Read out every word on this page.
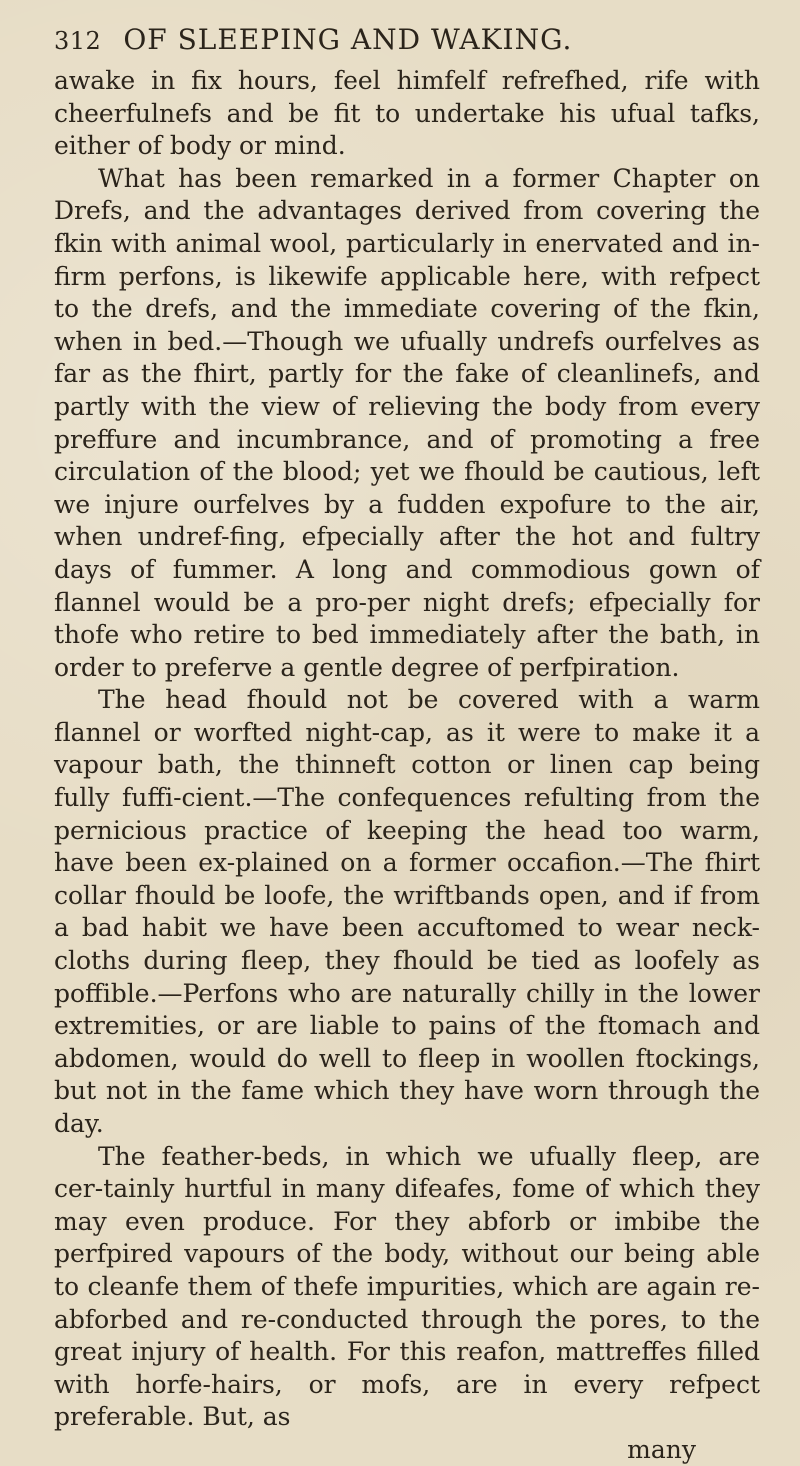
312 OF SLEEPING AND WAKING.

awake in fix hours, feel himfelf refrefhed, rife with cheerfulnefs and be fit to undertake his ufual tafks, either of body or mind.

What has been remarked in a former Chapter on Drefs, and the advantages derived from covering the fkin with animal wool, particularly in enervated and in-firm perfons, is likewife applicable here, with refpect to the drefs, and the immediate covering of the fkin, when in bed.—Though we ufually undrefs ourfelves as far as the fhirt, partly for the fake of cleanlinefs, and partly with the view of relieving the body from every preffure and incumbrance, and of promoting a free circulation of the blood; yet we fhould be cautious, left we injure ourfelves by a fudden expofure to the air, when undref-fing, efpecially after the hot and fultry days of fummer. A long and commodious gown of flannel would be a pro-per night drefs; efpecially for thofe who retire to bed immediately after the bath, in order to preferve a gentle degree of perfpiration.

The head fhould not be covered with a warm flannel or worfted night-cap, as it were to make it a vapour bath, the thinneft cotton or linen cap being fully fuffi-cient.—The confequences refulting from the pernicious practice of keeping the head too warm, have been ex-plained on a former occafion.—The fhirt collar fhould be loofe, the wriftbands open, and if from a bad habit we have been accuftomed to wear neck-cloths during fleep, they fhould be tied as loofely as poffible.—Perfons who are naturally chilly in the lower extremities, or are liable to pains of the ftomach and abdomen, would do well to fleep in woollen ftockings, but not in the fame which they have worn through the day.

The feather-beds, in which we ufually fleep, are cer-tainly hurtful in many difeafes, fome of which they may even produce. For they abforb or imbibe the perfpired vapours of the body, without our being able to cleanfe them of thefe impurities, which are again re-abforbed and re-conducted through the pores, to the great injury of health. For this reafon, mattreffes filled with horfe-hairs, or mofs, are in every refpect preferable. But, as

many
